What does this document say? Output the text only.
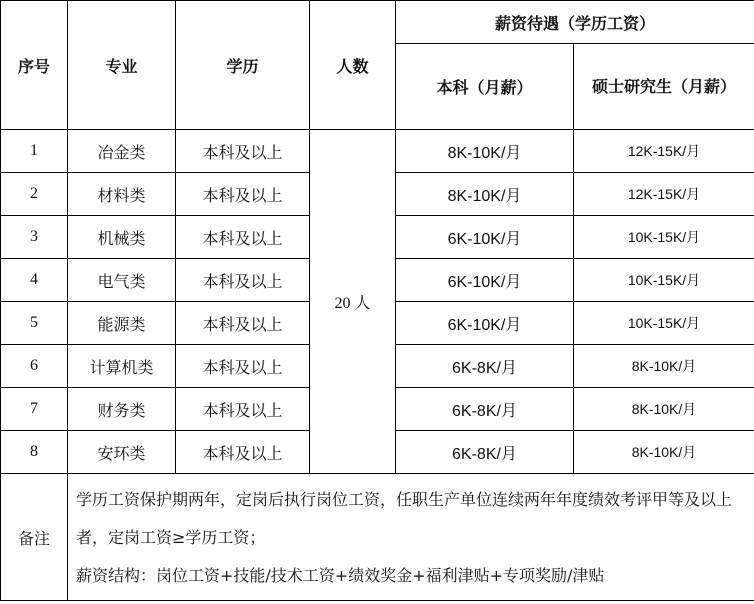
序号	专业	学历	人数	薪资待遇（学历工资）	
				本科（月薪）	硕士研究生（月薪）
1	冶金类	本科及以上	20 人	8K-10K/月	12K-15K/月
2	材料类	本科及以上		8K-10K/月	12K-15K/月
3	机械类	本科及以上		6K-10K/月	10K-15K/月
4	电气类	本科及以上		6K-10K/月	10K-15K/月
5	能源类	本科及以上		6K-10K/月	10K-15K/月
6	计算机类	本科及以上		6K-8K/月	8K-10K/月
7	财务类	本科及以上		6K-8K/月	8K-10K/月
8	安环类	本科及以上		6K-8K/月	8K-10K/月
备注	学历工资保护期两年，定岗后执行岗位工资，任职生产单位连续两年年度绩效考评甲等及以上者，定岗工资≥学历工资；

薪资结构：岗位工资+技能/技术工资+绩效奖金+福利津贴+专项奖励/津贴				
